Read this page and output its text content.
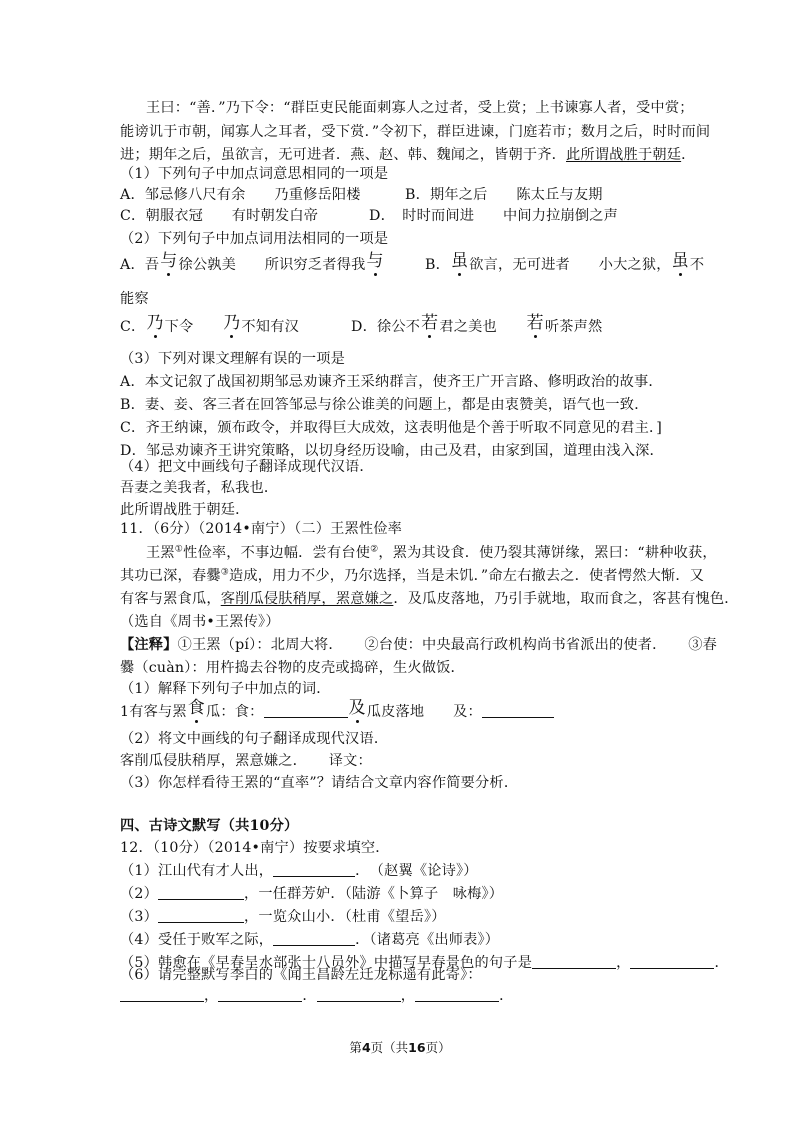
王曰：“善．”乃下令：“群臣吏民能面刺寡人之过者，受上赏；上书谏寡人者，受中赏；
能谤讥于市朝，闻寡人之耳者，受下赏．”令初下，群臣进谏，门庭若市；数月之后，时时而间
进；期年之后，虽欲言，无可进者．燕、赵、韩、魏闻之，皆朝于齐．此所谓战胜于朝廷．
（1）下列句子中加点词意思相同的一项是
A．邹忌修八尺有余　　乃重修岳阳楼	B．期年之后　　陈太丘与友期
C．朝服衣冠　　有时朝发白帝	D．　时时而间进　　中间力拉崩倒之声
（2）下列句子中加点词用法相同的一项是
A．吾与徐公孰美　　所识穷乏者得我与	B．虽欲言，无可进者　　小大之狱，虽不
能察
C．乃下令　　乃不知有汉	D．徐公不若君之美也　　若听茶声然
（3）下列对课文理解有误的一项是
A．本文记叙了战国初期邹忌劝谏齐王采纳群言，使齐王广开言路、修明政治的故事．
B．妻、妾、客三者在回答邹忌与徐公谁美的问题上，都是由衷赞美，语气也一致．
C．齐王纳谏，颁布政令，并取得巨大成效，这表明他是个善于听取不同意见的君主．]
D．邹忌劝谏齐王讲究策略，以切身经历设喻，由己及君，由家到国，道理由浅入深．
（4）把文中画线句子翻译成现代汉语．
吾妻之美我者，私我也．
此所谓战胜于朝廷．
11．（6分）（2014•南宁）（二）王罴性俭率
王罴①性俭率，不事边幅．尝有台使②，罴为其设食．使乃裂其薄饼缘，罴曰：“耕种收获，
其功已深，春爨③造成，用力不少，乃尔选择，当是未饥．”命左右撤去之．使者愕然大惭．又
有客与罴食瓜，客削瓜侵肤稍厚，罴意嫌之．及瓜皮落地，乃引手就地，取而食之，客甚有愧色．
（选自《周书•王罴传》）
【注释】①王罴（pí）：北周大将．　　②台使：中央最高行政机构尚书省派出的使者．　　③春
爨（cuàn）：用杵捣去谷物的皮壳或捣碎，生火做饭．
（1）解释下列句子中加点的词．
1有客与罴食瓜：食：	及瓜皮落地　　及：
（2）将文中画线的句子翻译成现代汉语．
客削瓜侵肤稍厚，罴意嫌之．　　译文：
（3）你怎样看待王罴的“直率”？请结合文章内容作简要分析．
四、古诗文默写（共10分）
12．（10分）（2014•南宁）按要求填空．
（1）江山代有才人出，	．　（赵翼《论诗》）
（2）	，一任群芳妒．（陆游《卜算子　咏梅》）
（3）	，一览众山小．（杜甫《望岳》）
（4）受任于败军之际，	．（诸葛亮《出师表》）
（5）韩愈在《早春呈水部张十八员外》中描写早春景色的句子是	，	．
（6）请完整默写李白的《闻王昌龄左迁龙标遥有此寄》：
，	．	，	．
第4页（共16页）
